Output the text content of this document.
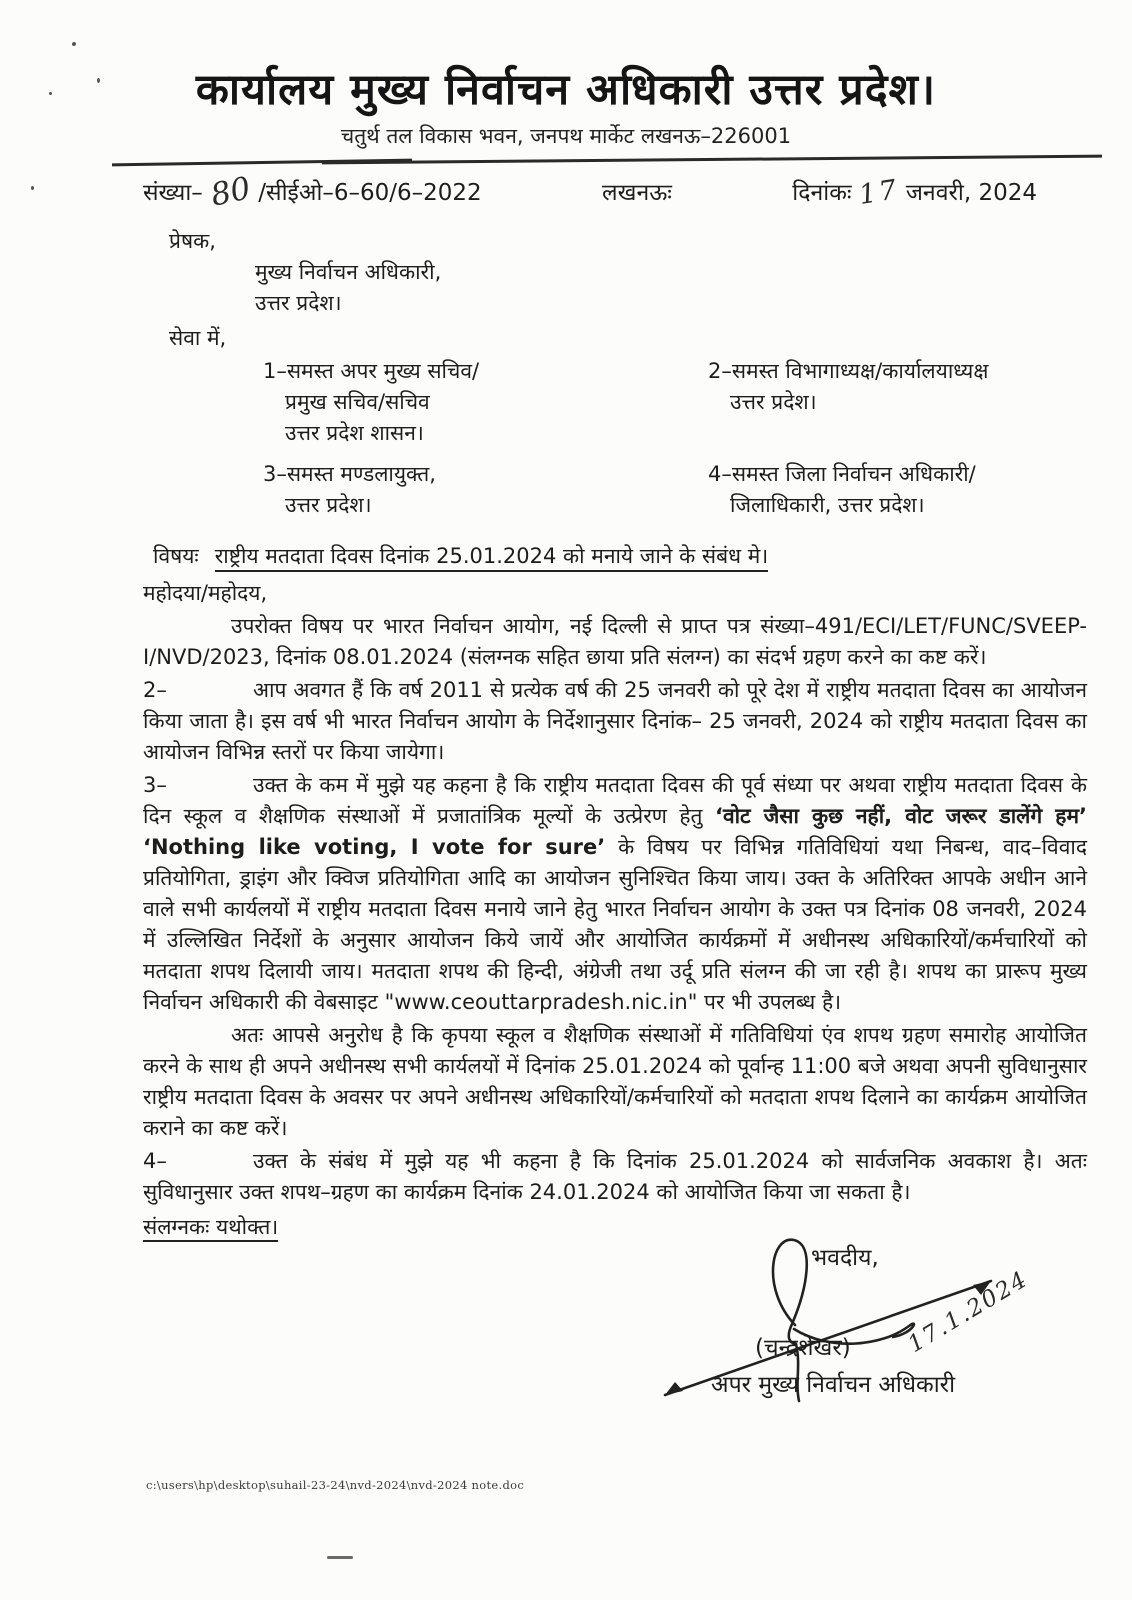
कार्यालय मुख्य निर्वाचन अधिकारी उत्तर प्रदेश।
चतुर्थ तल विकास भवन, जनपथ मार्केट लखनऊ–226001
संख्या– 80 /सीईओ–6–60/6–2022	लखनऊः	दिनांकः 17 जनवरी, 2024
प्रेषक,
मुख्य निर्वाचन अधिकारी,
उत्तर प्रदेश।
सेवा में,
1–समस्त अपर मुख्य सचिव/
प्रमुख सचिव/सचिव
उत्तर प्रदेश शासन।
2–समस्त विभागाध्यक्ष/कार्यालयाध्यक्ष
उत्तर प्रदेश।
3–समस्त मण्डलायुक्त,
उत्तर प्रदेश।
4–समस्त जिला निर्वाचन अधिकारी/
जिलाधिकारी, उत्तर प्रदेश।
विषयः राष्ट्रीय मतदाता दिवस दिनांक 25.01.2024 को मनाये जाने के संबंध मे।
महोदया/महोदय,
उपरोक्त विषय पर भारत निर्वाचन आयोग, नई दिल्ली से प्राप्त पत्र संख्या–491/ECI/LET/FUNC/SVEEP-I/NVD/2023, दिनांक 08.01.2024 (संलग्नक सहित छाया प्रति संलग्न) का संदर्भ ग्रहण करने का कष्ट करें।
2–	आप अवगत हैं कि वर्ष 2011 से प्रत्येक वर्ष की 25 जनवरी को पूरे देश में राष्ट्रीय मतदाता दिवस का आयोजन किया जाता है। इस वर्ष भी भारत निर्वाचन आयोग के निर्देशानुसार दिनांक– 25 जनवरी, 2024 को राष्ट्रीय मतदाता दिवस का आयोजन विभिन्न स्तरों पर किया जायेगा।
3–	उक्त के कम में मुझे यह कहना है कि राष्ट्रीय मतदाता दिवस की पूर्व संध्या पर अथवा राष्ट्रीय मतदाता दिवस के दिन स्कूल व शैक्षणिक संस्थाओं में प्रजातांत्रिक मूल्यों के उत्प्रेरण हेतु ‘वोट जैसा कुछ नहीं, वोट जरूर डालेंगे हम’ ‘Nothing like voting, I vote for sure’ के विषय पर विभिन्न गतिविधियां यथा निबन्ध, वाद–विवाद प्रतियोगिता, ड्राइंग और क्विज प्रतियोगिता आदि का आयोजन सुनिश्चित किया जाय। उक्त के अतिरिक्त आपके अधीन आने वाले सभी कार्यलयों में राष्ट्रीय मतदाता दिवस मनाये जाने हेतु भारत निर्वाचन आयोग के उक्त पत्र दिनांक 08 जनवरी, 2024 में उल्लिखित निर्देशों के अनुसार आयोजन किये जायें और आयोजित कार्यक्रमों में अधीनस्थ अधिकारियों/कर्मचारियों को मतदाता शपथ दिलायी जाय। मतदाता शपथ की हिन्दी, अंग्रेजी तथा उर्दू प्रति संलग्न की जा रही है। शपथ का प्रारूप मुख्य निर्वाचन अधिकारी की वेबसाइट "www.ceouttarpradesh.nic.in" पर भी उपलब्ध है।
अतः आपसे अनुरोध है कि कृपया स्कूल व शैक्षणिक संस्थाओं में गतिविधियां एंव शपथ ग्रहण समारोह आयोजित करने के साथ ही अपने अधीनस्थ सभी कार्यलयों में दिनांक 25.01.2024 को पूर्वान्ह 11:00 बजे अथवा अपनी सुविधानुसार राष्ट्रीय मतदाता दिवस के अवसर पर अपने अधीनस्थ अधिकारियों/कर्मचारियों को मतदाता शपथ दिलाने का कार्यक्रम आयोजित कराने का कष्ट करें।
4–	उक्त के संबंध में मुझे यह भी कहना है कि दिनांक 25.01.2024 को सार्वजनिक अवकाश है। अतः सुविधानुसार उक्त शपथ–ग्रहण का कार्यक्रम दिनांक 24.01.2024 को आयोजित किया जा सकता है।
संलग्नकः यथोक्त।
भवदीय,
17.1.2024
(चन्द्रशेखर)
अपर मुख्य निर्वाचन अधिकारी
c:\users\hp\desktop\suhail-23-24\nvd-2024\nvd-2024 note.doc
